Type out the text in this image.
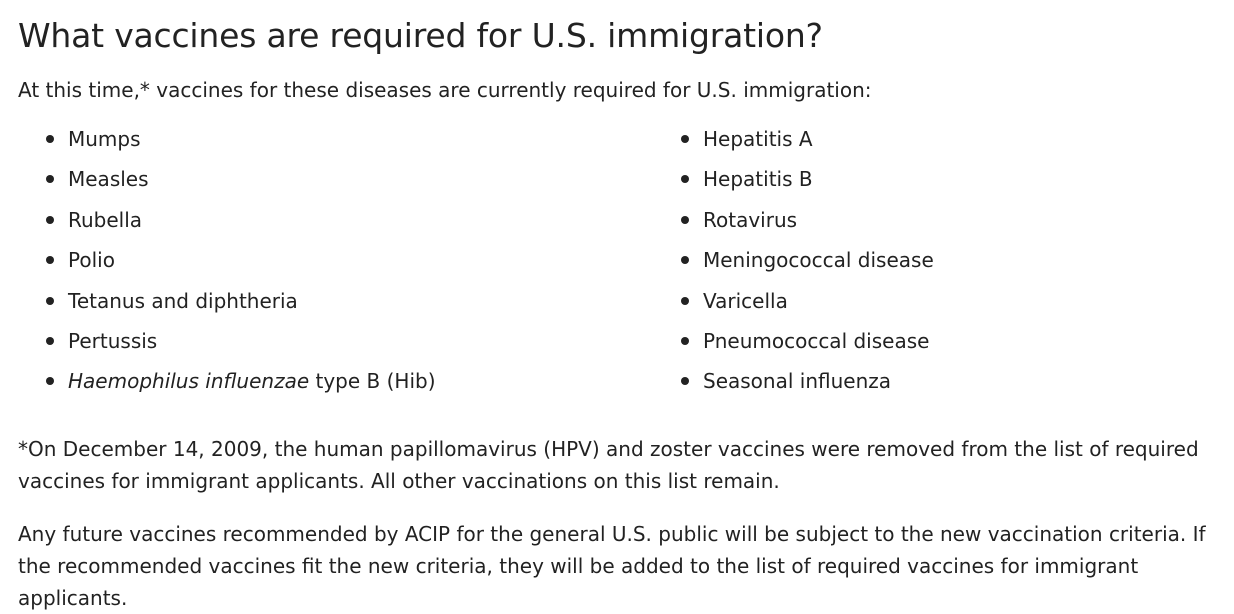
What vaccines are required for U.S. immigration?

At this time,* vaccines for these diseases are currently required for U.S. immigration:

Mumps
Measles
Rubella
Polio
Tetanus and diphtheria
Pertussis
Haemophilus influenzae type B (Hib)
Hepatitis A
Hepatitis B
Rotavirus
Meningococcal disease
Varicella
Pneumococcal disease
Seasonal influenza

*On December 14, 2009, the human papillomavirus (HPV) and zoster vaccines were removed from the list of required vaccines for immigrant applicants. All other vaccinations on this list remain.

Any future vaccines recommended by ACIP for the general U.S. public will be subject to the new vaccination criteria. If the recommended vaccines fit the new criteria, they will be added to the list of required vaccines for immigrant applicants.
